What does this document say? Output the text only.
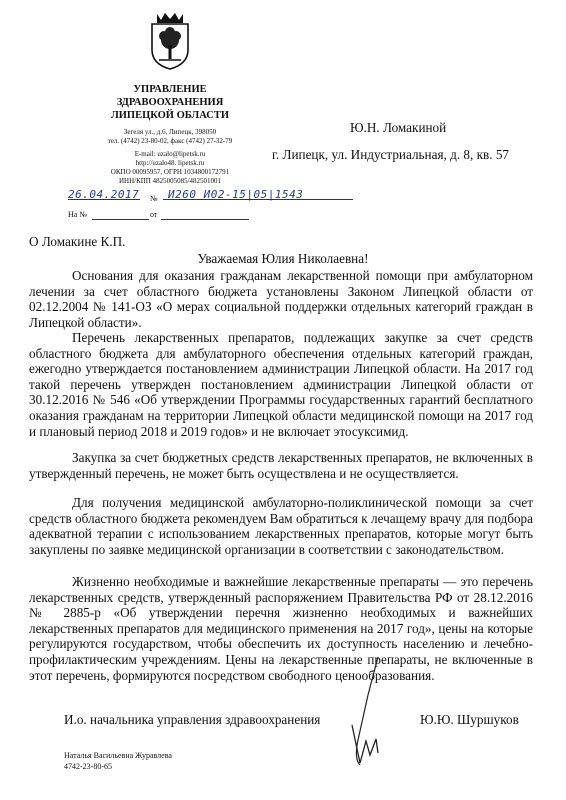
УПРАВЛЕНИЕ
ЗДРАВООХРАНЕНИЯ
ЛИПЕЦКОЙ ОБЛАСТИ
Зегеля ул., д.6, Липецк, 398050
тел. (4742) 23-80-02, факс (4742) 27-32-79
E-mail: uzalo@lipetsk.ru
http://uzalo48. lipetsk.ru
ОКПО 00095957, ОГРН 1034800172791
ИНН/КПП 4825005085/482501001
Ю.Н. Ломакиной
г. Липецк, ул. Индустриальная, д. 8, кв. 57
26.04.2017 № И260 И02-15|05|1543
На №	от
О Ломакине К.П.
Уважаемая Юлия Николаевна!
Основания для оказания гражданам лекарственной помощи при амбулаторном лечении за счет областного бюджета установлены Законом Липецкой области от 02.12.2004 № 141-ОЗ «О мерах социальной поддержки отдельных категорий граждан в Липецкой области».
Перечень лекарственных препаратов, подлежащих закупке за счет средств областного бюджета для амбулаторного обеспечения отдельных категорий граждан, ежегодно утверждается постановлением администрации Липецкой области. На 2017 год такой перечень утвержден постановлением администрации Липецкой области от 30.12.2016 № 546 «Об утверждении Программы государственных гарантий бесплатного оказания гражданам на территории Липецкой области медицинской помощи на 2017 год и плановый период 2018 и 2019 годов» и не включает этосуксимид.
Закупка за счет бюджетных средств лекарственных препаратов, не включенных в утвержденный перечень, не может быть осуществлена и не осуществляется.
Для получения медицинской амбулаторно-поликлинической помощи за счет средств областного бюджета рекомендуем Вам обратиться к лечащему врачу для подбора адекватной терапии с использованием лекарственных препаратов, которые могут быть закуплены по заявке медицинской организации в соответствии с законодательством.
Жизненно необходимые и важнейшие лекарственные препараты — это перечень лекарственных средств, утвержденный распоряжением Правительства РФ от 28.12.2016 № 2885-р «Об утверждении перечня жизненно необходимых и важнейших лекарственных препаратов для медицинского применения на 2017 год», цены на которые регулируются государством, чтобы обеспечить их доступность населению и лечебно-профилактическим учреждениям. Цены на лекарственные препараты, не включенные в этот перечень, формируются посредством свободного ценообразования.
И.о. начальника управления здравоохранения	Ю.Ю. Шуршуков
Наталья Васильевна Журавлева
4742-23-80-65
